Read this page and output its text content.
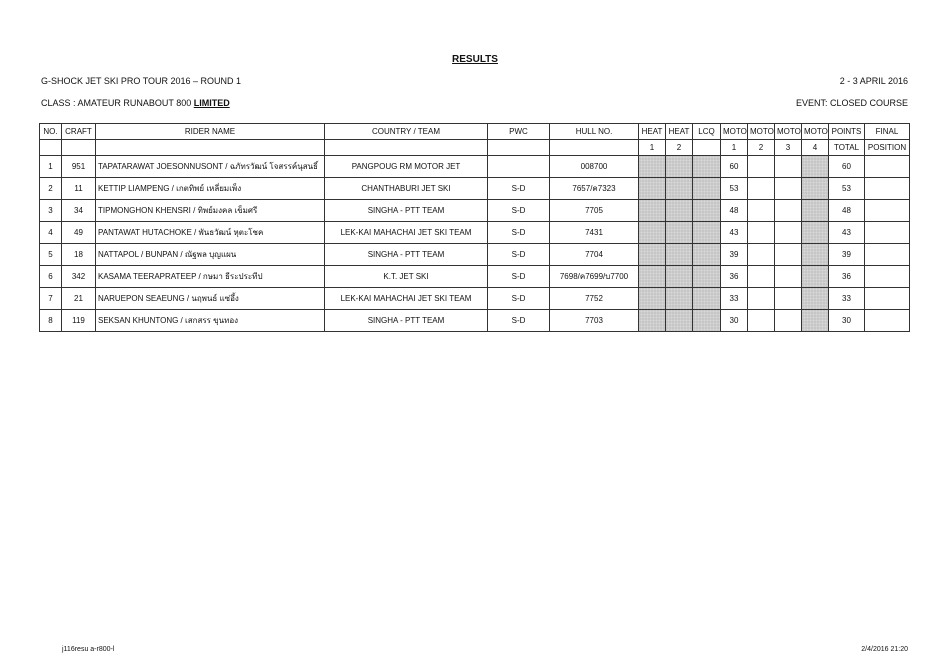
RESULTS
G-SHOCK JET SKI PRO TOUR 2016 – ROUND 1	2 - 3 APRIL 2016
CLASS : AMATEUR RUNABOUT 800 LIMITED	EVENT: CLOSED COURSE
NO.	CRAFT	RIDER NAME	COUNTRY / TEAM	PWC	HULL NO.	HEAT	HEAT	LCQ	MOTO	MOTO	MOTO	MOTO	POINTS	FINAL
						1	2		1	2	3	4	TOTAL	POSITION
1	951	TAPATARAWAT JOESONNUSONT / ฉภัทรวัฒน์ โจสรรค์นุสนธิ์	PANGPOUG RM MOTOR JET		008700				60				60	
2	11	KETTIP LIAMPENG / เกตทิพย์ เหลี่ยมเพ็ง	CHANTHABURI JET SKI	S-D	7657/ค7323				53				53	
3	34	TIPMONGHON KHENSRI / ทิพย์มงคล เข็มศรี	SINGHA - PTT TEAM	S-D	7705				48				48	
4	49	PANTAWAT HUTACHOKE / พันธวัฒน์ หุตะโชค	LEK-KAI MAHACHAI JET SKI TEAM	S-D	7431				43				43	
5	18	NATTAPOL / BUNPAN / ณัฐพล บุญแผน	SINGHA - PTT TEAM	S-D	7704				39				39	
6	342	KASAMA TEERAPRATEEP / กษมา ธีระประทีป	K.T. JET SKI	S-D	7698/ค7699/บ7700				36				36	
7	21	NARUEPON SEAEUNG / นฤพนธ์ แซ่อึ้ง	LEK-KAI MAHACHAI JET SKI TEAM	S-D	7752				33				33	
8	119	SEKSAN KHUNTONG / เสกสรร ขุนทอง	SINGHA - PTT TEAM	S-D	7703				30				30	
j116resu a-r800-l	2/4/2016 21:20
